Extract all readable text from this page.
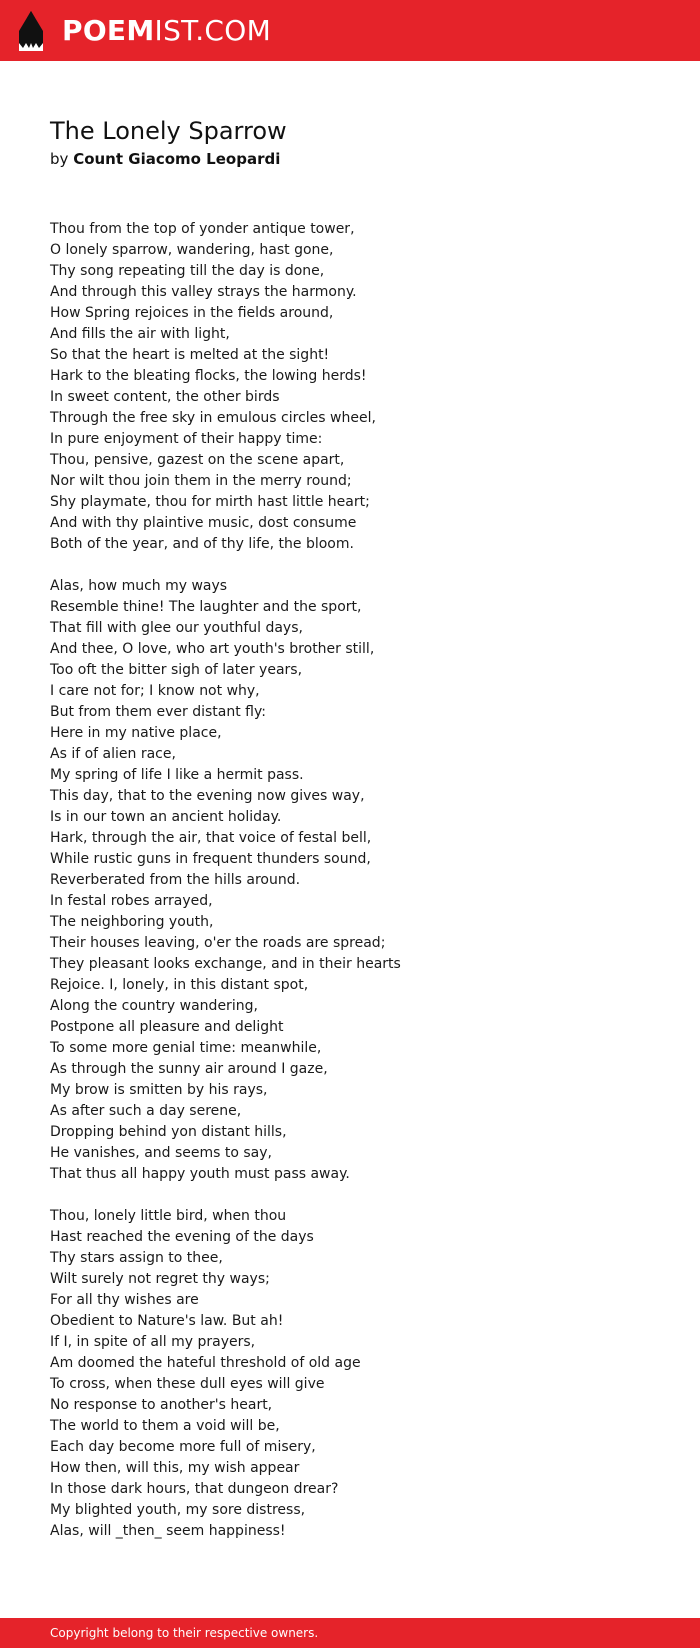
POEMIST.COM
The Lonely Sparrow
by Count Giacomo Leopardi
Thou from the top of yonder antique tower,
O lonely sparrow, wandering, hast gone,
Thy song repeating till the day is done,
And through this valley strays the harmony.
How Spring rejoices in the fields around,
And fills the air with light,
So that the heart is melted at the sight!
Hark to the bleating flocks, the lowing herds!
In sweet content, the other birds
Through the free sky in emulous circles wheel,
In pure enjoyment of their happy time:
Thou, pensive, gazest on the scene apart,
Nor wilt thou join them in the merry round;
Shy playmate, thou for mirth hast little heart;
And with thy plaintive music, dost consume
Both of the year, and of thy life, the bloom.
Alas, how much my ways
Resemble thine! The laughter and the sport,
That fill with glee our youthful days,
And thee, O love, who art youth's brother still,
Too oft the bitter sigh of later years,
I care not for; I know not why,
But from them ever distant fly:
Here in my native place,
As if of alien race,
My spring of life I like a hermit pass.
This day, that to the evening now gives way,
Is in our town an ancient holiday.
Hark, through the air, that voice of festal bell,
While rustic guns in frequent thunders sound,
Reverberated from the hills around.
In festal robes arrayed,
The neighboring youth,
Their houses leaving, o'er the roads are spread;
They pleasant looks exchange, and in their hearts
Rejoice. I, lonely, in this distant spot,
Along the country wandering,
Postpone all pleasure and delight
To some more genial time: meanwhile,
As through the sunny air around I gaze,
My brow is smitten by his rays,
As after such a day serene,
Dropping behind yon distant hills,
He vanishes, and seems to say,
That thus all happy youth must pass away.
Thou, lonely little bird, when thou
Hast reached the evening of the days
Thy stars assign to thee,
Wilt surely not regret thy ways;
For all thy wishes are
Obedient to Nature's law. But ah!
If I, in spite of all my prayers,
Am doomed the hateful threshold of old age
To cross, when these dull eyes will give
No response to another's heart,
The world to them a void will be,
Each day become more full of misery,
How then, will this, my wish appear
In those dark hours, that dungeon drear?
My blighted youth, my sore distress,
Alas, will _then_ seem happiness!
Copyright belong to their respective owners.
